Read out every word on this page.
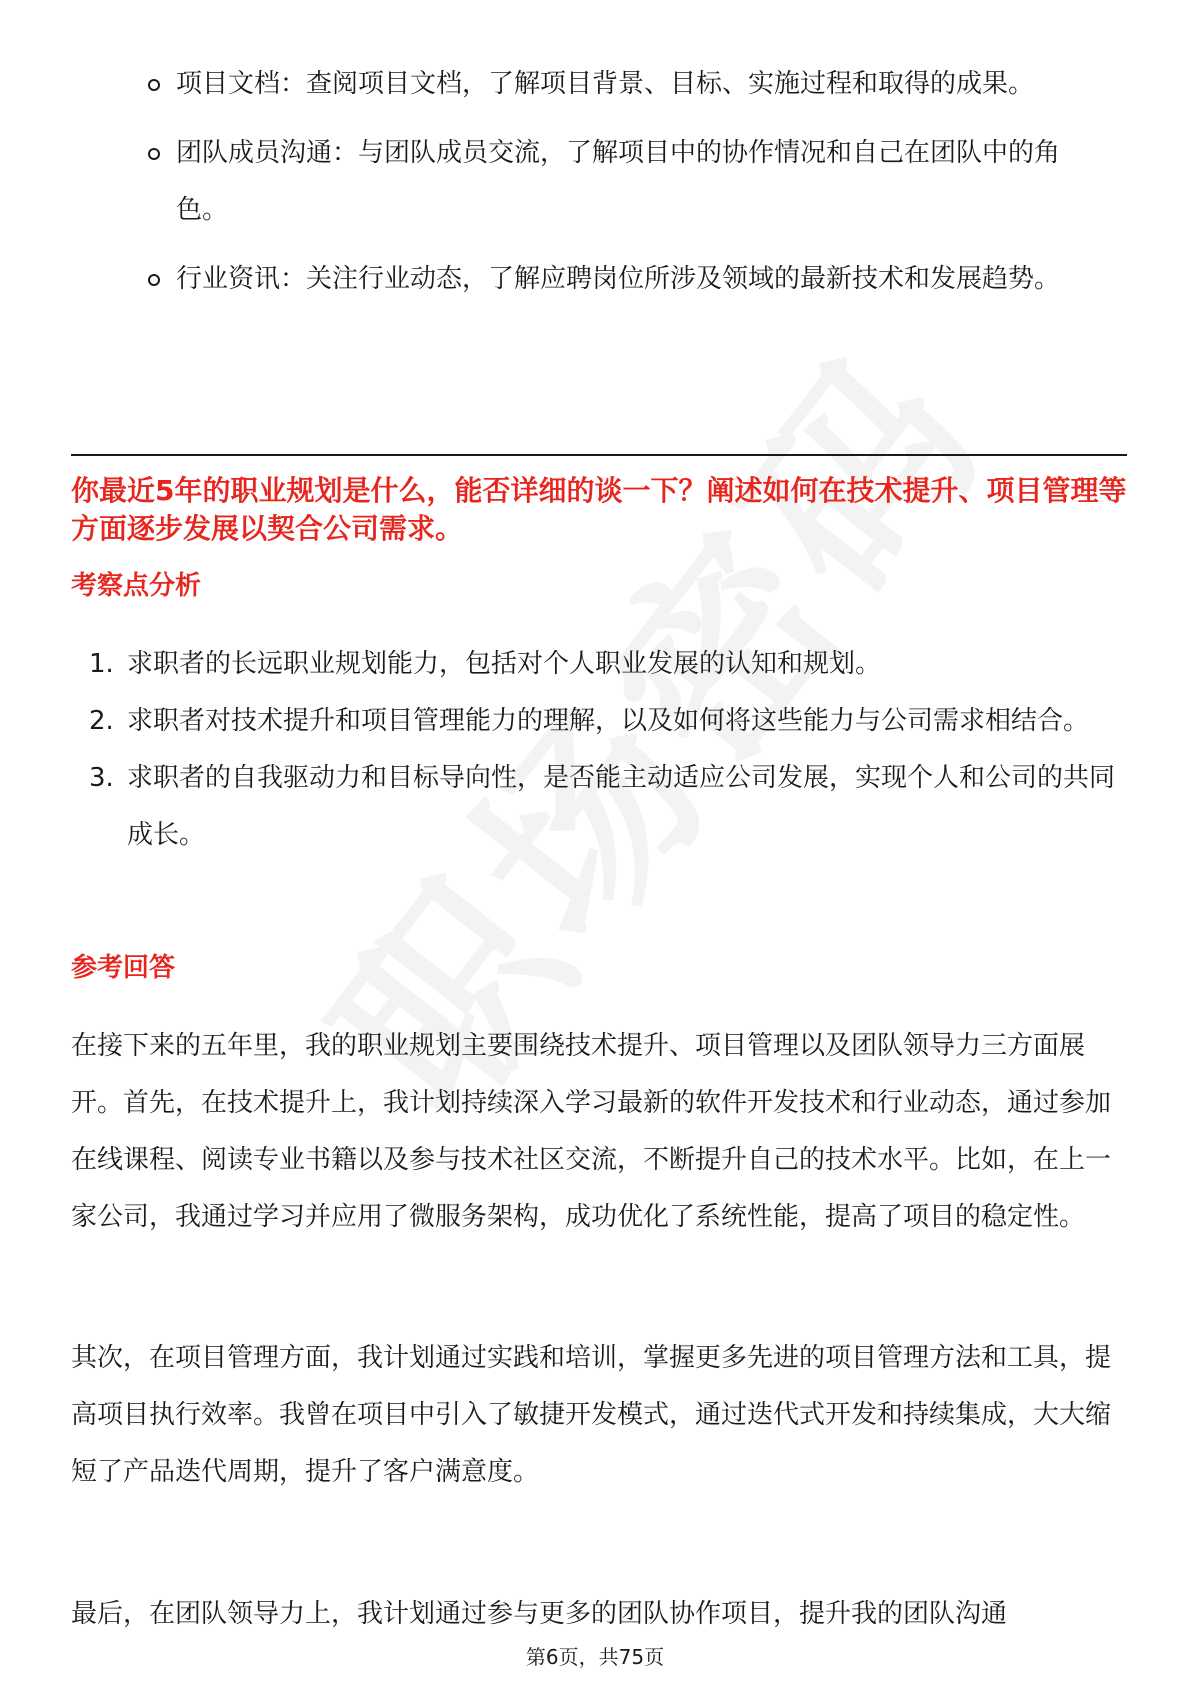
项目文档：查阅项目文档，了解项目背景、目标、实施过程和取得的成果。
团队成员沟通：与团队成员交流，了解项目中的协作情况和自己在团队中的角色。
行业资讯：关注行业动态，了解应聘岗位所涉及领域的最新技术和发展趋势。

你最近5年的职业规划是什么，能否详细的谈一下？阐述如何在技术提升、项目管理等方面逐步发展以契合公司需求。

考察点分析

1. 求职者的长远职业规划能力，包括对个人职业发展的认知和规划。
2. 求职者对技术提升和项目管理能力的理解，以及如何将这些能力与公司需求相结合。
3. 求职者的自我驱动力和目标导向性，是否能主动适应公司发展，实现个人和公司的共同成长。

参考回答

在接下来的五年里，我的职业规划主要围绕技术提升、项目管理以及团队领导力三方面展开。首先，在技术提升上，我计划持续深入学习最新的软件开发技术和行业动态，通过参加在线课程、阅读专业书籍以及参与技术社区交流，不断提升自己的技术水平。比如，在上一家公司，我通过学习并应用了微服务架构，成功优化了系统性能，提高了项目的稳定性。

其次，在项目管理方面，我计划通过实践和培训，掌握更多先进的项目管理方法和工具，提高项目执行效率。我曾在项目中引入了敏捷开发模式，通过迭代式开发和持续集成，大大缩短了产品迭代周期，提升了客户满意度。

最后，在团队领导力上，我计划通过参与更多的团队协作项目，提升我的团队沟通

第6页，共75页
